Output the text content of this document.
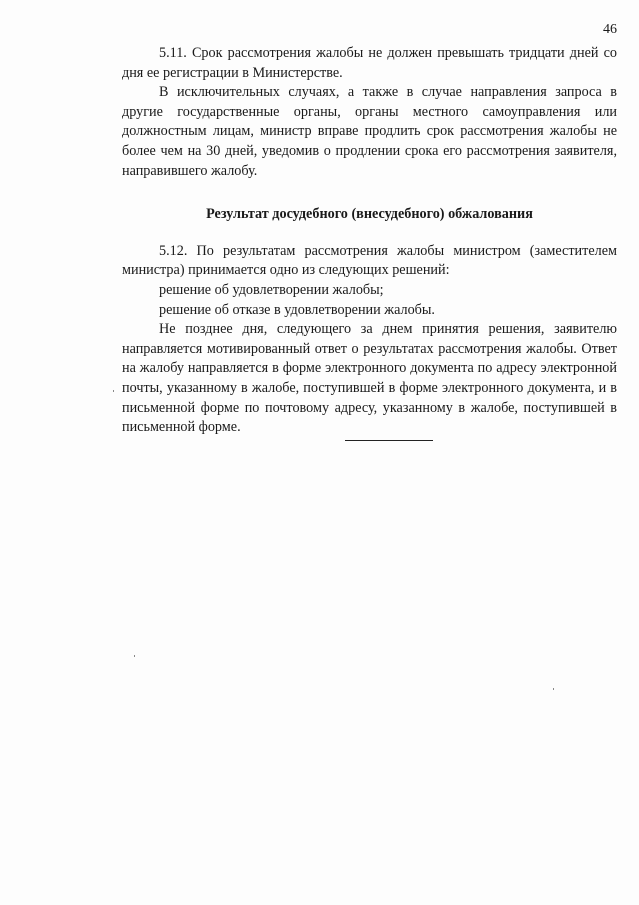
46

5.11. Срок рассмотрения жалобы не должен превышать тридцати дней со дня ее регистрации в Министерстве.

В исключительных случаях, а также в случае направления запроса в другие государственные органы, органы местного самоуправления или должностным лицам, министр вправе продлить срок рассмотрения жалобы не более чем на 30 дней, уведомив о продлении срока его рассмотрения заявителя, направившего жалобу.

Результат досудебного (внесудебного) обжалования

5.12. По результатам рассмотрения жалобы министром (заместителем министра) принимается одно из следующих решений:

решение об удовлетворении жалобы;

решение об отказе в удовлетворении жалобы.

Не позднее дня, следующего за днем принятия решения, заявителю направляется мотивированный ответ о результатах рассмотрения жалобы. Ответ на жалобу направляется в форме электронного документа по адресу электронной почты, указанному в жалобе, поступившей в форме электронного документа, и в письменной форме по почтовому адресу, указанному в жалобе, поступившей в письменной форме.
